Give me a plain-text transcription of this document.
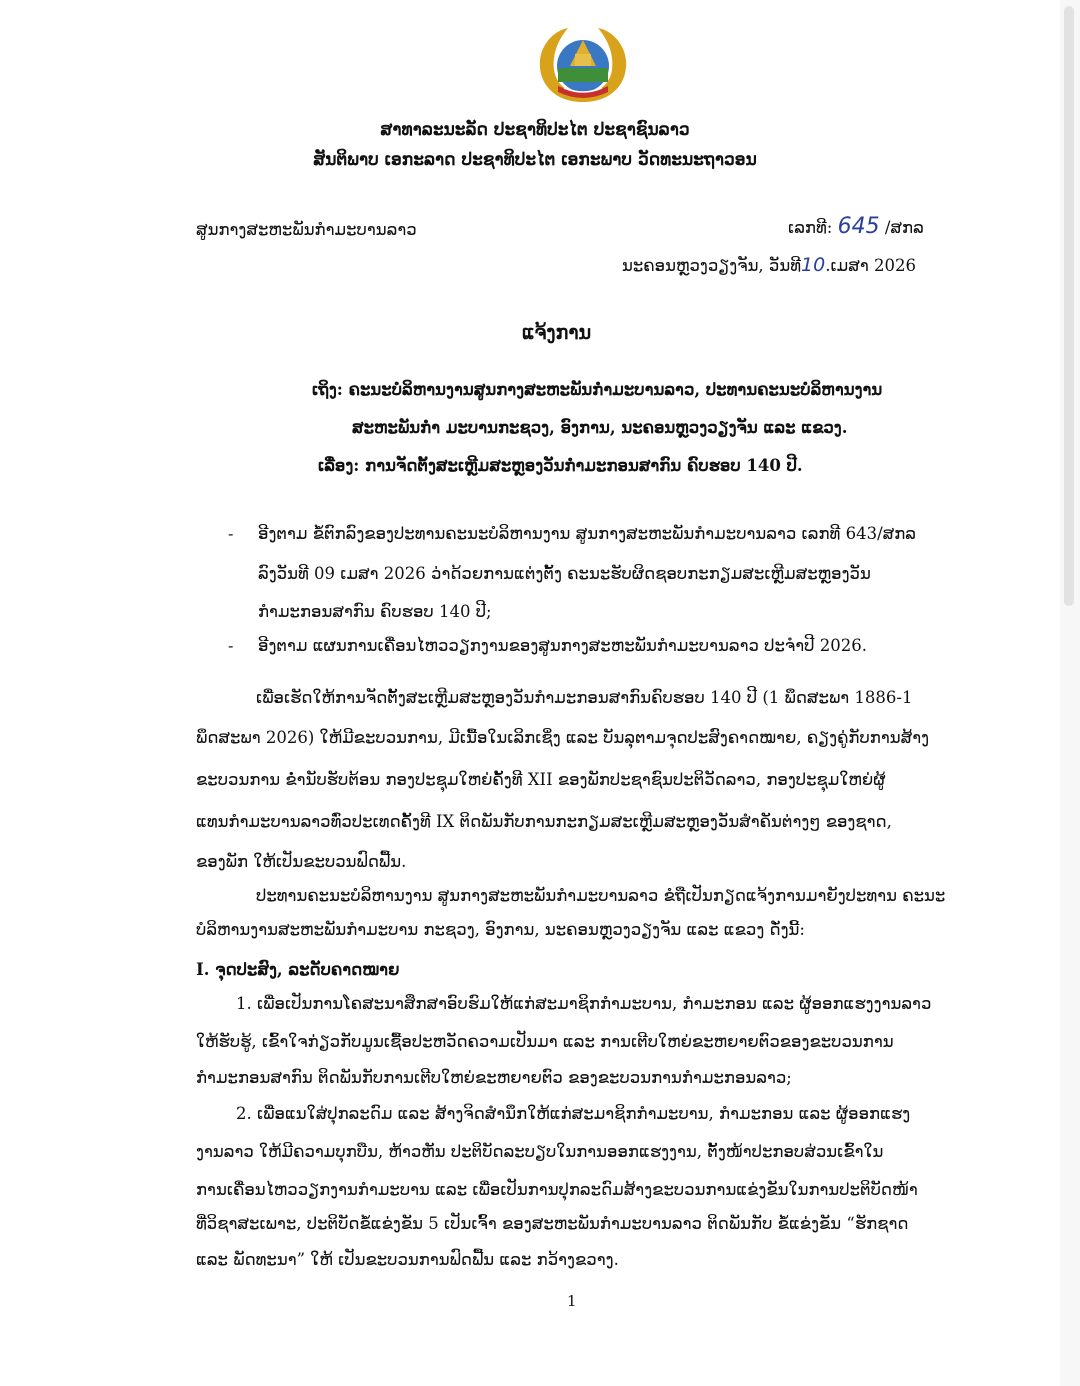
ສາທາລະນະລັດ ປະຊາທິປະໄຕ ປະຊາຊົນລາວ
ສັນຕິພາບ ເອກະລາດ ປະຊາທິປະໄຕ ເອກະພາບ ວັດທະນະຖາວອນ
ສູນກາງສະຫະພັນກຳມະບານລາວ	ເລກທີ: 645 /ສກລ
ນະຄອນຫຼວງວຽງຈັນ, ວັນທີ10.ເມສາ 2026
ແຈ້ງການ
ເຖິງ: ຄະນະບໍລິຫານງານສູນກາງສະຫະພັນກຳມະບານລາວ, ປະທານຄະນະບໍລິຫານງານ
ສະຫະພັນກຳ ມະບານກະຊວງ, ອົງການ, ນະຄອນຫຼວງວຽງຈັນ ແລະ ແຂວງ.
ເລື່ອງ: ການຈັດຕັ້ງສະເຫຼີມສະຫຼອງວັນກຳມະກອນສາກົນ ຄົບຮອບ 140 ປີ.
- ອີງຕາມ ຂໍ້ຕົກລົງຂອງປະທານຄະນະບໍລິຫານງານ ສູນກາງສະຫະພັນກຳມະບານລາວ ເລກທີ 643/ສກລ
ລົງວັນທີ 09 ເມສາ 2026 ວ່າດ້ວຍການແຕ່ງຕັ້ງ ຄະນະຮັບຜິດຊອບກະກຽມສະເຫຼີມສະຫຼອງວັນ
ກຳມະກອນສາກົນ ຄົບຮອບ 140 ປີ;
- ອີງຕາມ ແຜນການເຄື່ອນໄຫວວຽກງານຂອງສູນກາງສະຫະພັນກຳມະບານລາວ ປະຈຳປີ 2026.
ເພື່ອເຮັດໃຫ້ການຈັດຕັ້ງສະເຫຼີມສະຫຼອງວັນກຳມະກອນສາກົນຄົບຮອບ 140 ປີ (1 ພຶດສະພາ 1886-1
ພຶດສະພາ 2026) ໃຫ້ມີຂະບວນການ, ມີເນື້ອໃນເລິກເຊິ່ງ ແລະ ບັນລຸຕາມຈຸດປະສົງຄາດໝາຍ, ຄຽງຄູ່ກັບການສ້າງ
ຂະບວນການ ຂໍ່ານັບຮັບຕ້ອນ ກອງປະຊຸມໃຫຍ່ຄັ້ງທີ XII ຂອງພັກປະຊາຊົນປະຕິວັດລາວ, ກອງປະຊຸມໃຫຍ່ຜູ້
ແທນກຳມະບານລາວທົ່ວປະເທດຄັ້ງທີ IX ຕິດພັນກັບການກະກຽມສະເຫຼີມສະຫຼອງວັນສຳຄັນຕ່າງໆ ຂອງຊາດ,
ຂອງພັກ ໃຫ້ເປັນຂະບວນຟົດຟື້ນ.
ປະທານຄະນະບໍລິຫານງານ ສູນກາງສະຫະພັນກຳມະບານລາວ ຂໍຖືເປັນກຽດແຈ້ງການມາຍັງປະທານ ຄະນະ
ບໍລິຫານງານສະຫະພັນກຳມະບານ ກະຊວງ, ອົງການ, ນະຄອນຫຼວງວຽງຈັນ ແລະ ແຂວງ ດັ່ງນີ້:
I. ຈຸດປະສົງ, ລະດັບຄາດໝາຍ
1. ເພື່ອເປັນການໂຄສະນາສຶກສາອົບຮົມໃຫ້ແກ່ສະມາຊິກກຳມະບານ, ກຳມະກອນ ແລະ ຜູ້ອອກແຮງງານລາວ
ໃຫ້ຮັບຮູ້, ເຂົ້າໃຈກ່ຽວກັບມູນເຊື້ອປະຫວັດຄວາມເປັນມາ ແລະ ການເຕີບໃຫຍ່ຂະຫຍາຍຕົວຂອງຂະບວນການ
ກຳມະກອນສາກົນ ຕິດພັນກັບການເຕີບໃຫຍ່ຂະຫຍາຍຕົວ ຂອງຂະບວນການກຳມະກອນລາວ;
2. ເພື່ອແນໃສ່ປຸກລະດົມ ແລະ ສ້າງຈິດສຳນຶກໃຫ້ແກ່ສະມາຊິກກຳມະບານ, ກຳມະກອນ ແລະ ຜູ້ອອກແຮງ
ງານລາວ ໃຫ້ມີຄວາມບຸກບືນ, ຫ້າວຫັນ ປະຕິບັດລະບຽບໃນການອອກແຮງງານ, ຕັ້ງໜ້າປະກອບສ່ວນເຂົ້າໃນ
ການເຄື່ອນໄຫວວຽກງານກຳມະບານ ແລະ ເພື່ອເປັນການປຸກລະດົມສ້າງຂະບວນການແຂ່ງຂັນໃນການປະຕິບັດໜ້າ
ທີ່ວິຊາສະເພາະ, ປະຕິບັດຂໍ້ແຂ່ງຂັນ 5 ເປັນເຈົ້າ ຂອງສະຫະພັນກຳມະບານລາວ ຕິດພັນກັບ ຂໍ້ແຂ່ງຂັນ “ຮັກຊາດ
ແລະ ພັດທະນາ” ໃຫ້ ເປັນຂະບວນການຟົດຟື້ນ ແລະ ກວ້າງຂວາງ.
1
